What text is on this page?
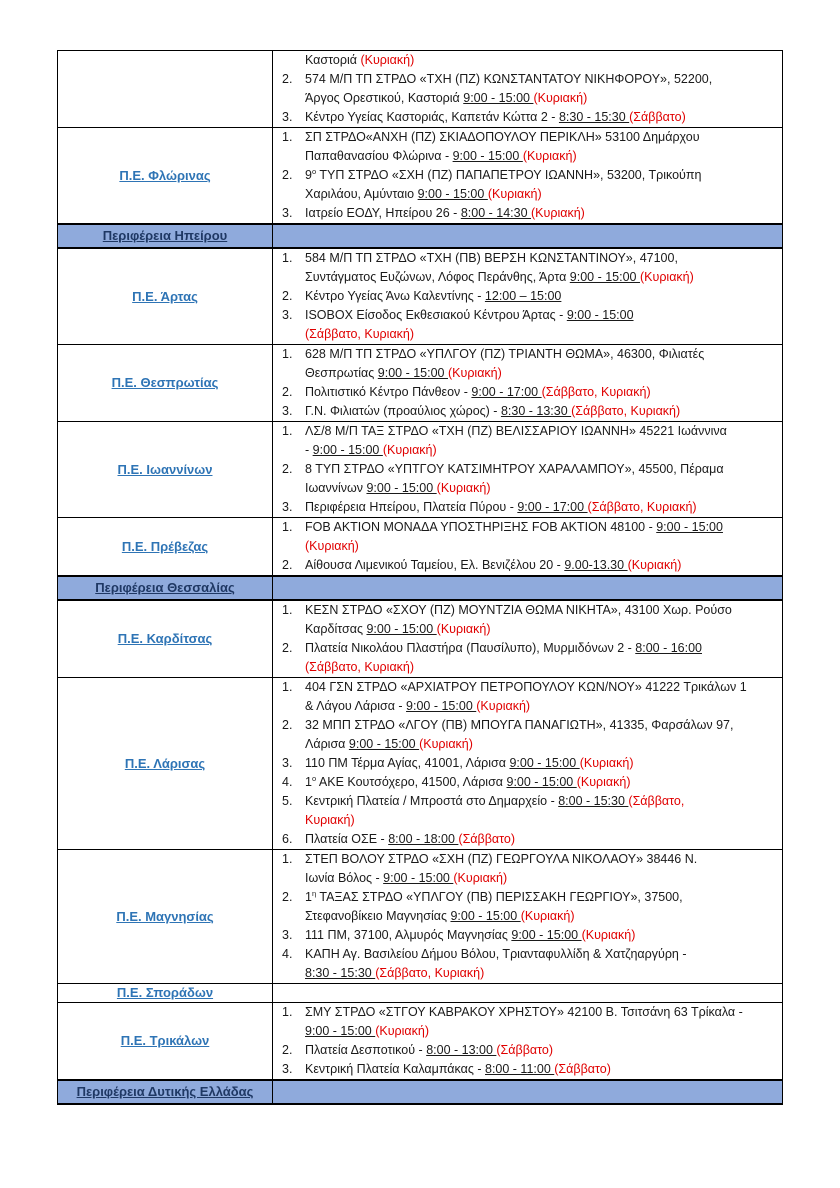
Καστοριά (Κυριακή)
2. 574 Μ/Π ΤΠ ΣΤΡΔΟ «ΤΧΗ (ΠΖ) ΚΩΝΣΤΑΝΤΑΤΟΥ ΝΙΚΗΦΟΡΟΥ», 52200,
Άργος Ορεστικού, Καστοριά 9:00 - 15:00 (Κυριακή)
3. Κέντρο Υγείας Καστοριάς, Καπετάν Κώττα 2 - 8:30 - 15:30 (Σάββατο)

Π.Ε. Φλώρινας	
1. ΣΠ ΣΤΡΔΟ«ΑΝΧΗ (ΠΖ) ΣΚΙΑΔΟΠΟΥΛΟΥ ΠΕΡΙΚΛΗ» 53100 Δημάρχου
Παπαθανασίου Φλώρινα - 9:00 - 15:00 (Κυριακή)
2. $9^o$ ΤΥΠ ΣΤΡΔΟ «ΣΧΗ (ΠΖ) ΠΑΠΑΠΕΤΡΟΥ ΙΩΑΝΝΗ», 53200, Τρικούπη
Χαριλάου, Αμύνταιο 9:00 - 15:00 (Κυριακή)
3. Ιατρείο ΕΟΔΥ, Ηπείρου 26 - 8:00 - 14:30 (Κυριακή)

Περιφέρεια Ηπείρου	
Π.Ε. Άρτας	
1. 584 Μ/Π ΤΠ ΣΤΡΔΟ «ΤΧΗ (ΠΒ) ΒΕΡΣΗ ΚΩΝΣΤΑΝΤΙΝΟΥ», 47100,
Συντάγματος Ευζώνων, Λόφος Περάνθης, Άρτα 9:00 - 15:00 (Κυριακή)
2. Κέντρο Υγείας Άνω Καλεντίνης - 12:00 – 15:00
3. ISOBOX Είσοδος Εκθεσιακού Κέντρου Άρτας - 9:00 - 15:00
(Σάββατο, Κυριακή)

Π.Ε. Θεσπρωτίας	
1. 628 Μ/Π ΤΠ ΣΤΡΔΟ «ΥΠΛΓΟΥ (ΠΖ) ΤΡΙΑΝΤΗ ΘΩΜΑ», 46300, Φιλιατές
Θεσπρωτίας 9:00 - 15:00 (Κυριακή)
2. Πολιτιστικό Κέντρο Πάνθεον - 9:00 - 17:00 (Σάββατο, Κυριακή)
3. Γ.Ν. Φιλιατών (προαύλιος χώρος) - 8:30 - 13:30 (Σάββατο, Κυριακή)

Π.Ε. Ιωαννίνων	
1. ΛΣ/8 Μ/Π ΤΑΞ ΣΤΡΔΟ «ΤΧΗ (ΠΖ) ΒΕΛΙΣΣΑΡΙΟΥ ΙΩΑΝΝΗ» 45221 Ιωάννινα
- 9:00 - 15:00 (Κυριακή)
2. 8 ΤΥΠ ΣΤΡΔΟ «ΥΠΤΓΟΥ ΚΑΤΣΙΜΗΤΡΟΥ ΧΑΡΑΛΑΜΠΟΥ», 45500, Πέραμα
Ιωαννίνων 9:00 - 15:00 (Κυριακή)
3. Περιφέρεια Ηπείρου, Πλατεία Πύρου - 9:00 - 17:00 (Σάββατο, Κυριακή)

Π.Ε. Πρέβεζας	1. FOB AKTION ΜΟΝΑΔΑ ΥΠΟΣΤΗΡΙΞΗΣ FOB AKTION 48100 - 9:00 - 15:00
(Κυριακή)
2. Αίθουσα Λιμενικού Ταμείου, Ελ. Βενιζέλου 20 - 9.00-13.30 (Κυριακή)

Περιφέρεια Θεσσαλίας	
Π.Ε. Καρδίτσας	
1. ΚΕΣΝ ΣΤΡΔΟ «ΣΧΟΥ (ΠΖ) ΜΟΥΝΤΖΙΑ ΘΩΜΑ ΝΙΚΗΤΑ», 43100 Χωρ. Ρούσο
Καρδίτσας 9:00 - 15:00 (Κυριακή)
2. Πλατεία Νικολάου Πλαστήρα (Παυσίλυπο), Μυρμιδόνων 2 - 8:00 - 16:00
(Σάββατο, Κυριακή)

Π.Ε. Λάρισας	
1. 404 ΓΣΝ ΣΤΡΔΟ «ΑΡΧΙΑΤΡΟΥ ΠΕΤΡΟΠΟΥΛΟΥ ΚΩΝ/ΝΟΥ» 41222 Τρικάλων 1
& Λάγου Λάρισα - 9:00 - 15:00 (Κυριακή)
2. 32 ΜΠΠ ΣΤΡΔΟ «ΛΓΟΥ (ΠΒ) ΜΠΟΥΓΑ ΠΑΝΑΓΙΩΤΗ», 41335, Φαρσάλων 97,
Λάρισα 9:00 - 15:00 (Κυριακή)
3. 110 ΠΜ Τέρμα Αγίας, 41001, Λάρισα 9:00 - 15:00 (Κυριακή)
4. $1^o$ ΑΚΕ Κουτσόχερο, 41500, Λάρισα 9:00 - 15:00 (Κυριακή)
5. Κεντρική Πλατεία / Μπροστά στο Δημαρχείο - 8:00 - 15:30 (Σάββατο,
Κυριακή)
6. Πλατεία ΟΣΕ - 8:00 - 18:00 (Σάββατο)

Π.Ε. Μαγνησίας	
1. ΣΤΕΠ ΒΟΛΟΥ ΣΤΡΔΟ «ΣΧΗ (ΠΖ) ΓΕΩΡΓΟΥΛΑ ΝΙΚΟΛΑΟΥ» 38446 Ν.
Ιωνία Βόλος - 9:00 - 15:00 (Κυριακή)
2. $1^\eta$ ΤΑΞΑΣ ΣΤΡΔΟ «ΥΠΛΓΟΥ (ΠΒ) ΠΕΡΙΣΣΑΚΗ ΓΕΩΡΓΙΟΥ», 37500,
Στεφανοβίκειο Μαγνησίας 9:00 - 15:00 (Κυριακή)
3. 111 ΠΜ, 37100, Αλμυρός Μαγνησίας 9:00 - 15:00 (Κυριακή)
4. ΚΑΠΗ Αγ. Βασιλείου Δήμου Βόλου, Τριανταφυλλίδη & Χατζηαργύρη -
8:30 - 15:30 (Σάββατο, Κυριακή)

Π.Ε. Σποράδων	

Π.Ε. Τρικάλων	
1. ΣΜΥ ΣΤΡΔΟ «ΣΤΓΟΥ ΚΑΒΡΑΚΟΥ ΧΡΗΣΤΟΥ» 42100 Β. Τσιτσάνη 63 Τρίκαλα -
9:00 - 15:00 (Κυριακή)
2. Πλατεία Δεσποτικού - 8:00 - 13:00 (Σάββατο)
3. Κεντρική Πλατεία Καλαμπάκας - 8:00 - 11:00 (Σάββατο)

Περιφέρεια Δυτικής Ελλάδας	
